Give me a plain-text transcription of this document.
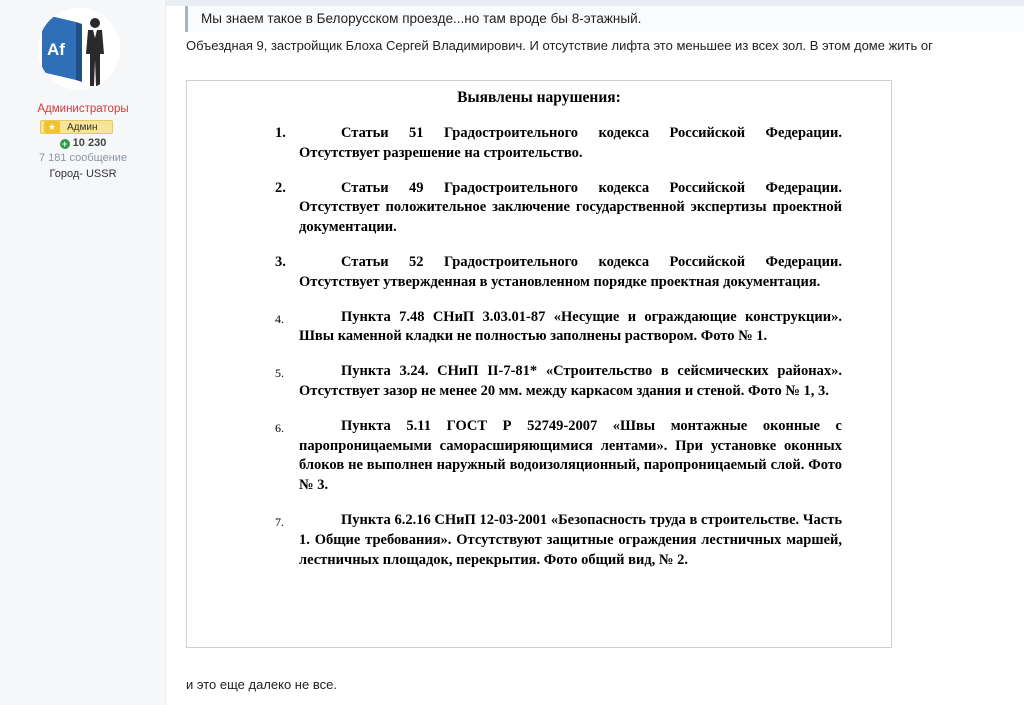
Af
Администраторы
★	Админ
+ 10 230
7 181 сообщение
Город- USSR
Мы знаем такое в Белорусском проезде...но там вроде бы 8-этажный.

Объездная 9, застройщик Блоха Сергей Владимирович. И отсутствие лифта это меньшее из всех зол. В этом доме жить ог

Выявлены нарушения:
1.	Статьи 51 Градостроительного кодекса Российской Федерации. Отсутствует разрешение на строительство.
2.	Статьи 49 Градостроительного кодекса Российской Федерации. Отсутствует положительное заключение государственной экспертизы проектной документации.
3.	Статьи 52 Градостроительного кодекса Российской Федерации. Отсутствует утвержденная в установленном порядке проектная документация.
4.	Пункта 7.48 СНиП 3.03.01-87 «Несущие и ограждающие конструкции». Швы каменной кладки не полностью заполнены раствором. Фото № 1.
5.	Пункта 3.24. СНиП II-7-81* «Строительство в сейсмических районах». Отсутствует зазор не менее 20 мм. между каркасом здания и стеной. Фото № 1, 3.
6.	Пункта 5.11 ГОСТ Р 52749-2007 «Швы монтажные оконные с паропроницаемыми саморасширяющимися лентами». При установке оконных блоков не выполнен наружный водоизоляционный, паропроницаемый слой. Фото № 3.
7.	Пункта 6.2.16 СНиП 12-03-2001 «Безопасность труда в строительстве. Часть 1. Общие требования». Отсутствуют защитные ограждения лестничных маршей, лестничных площадок, перекрытия. Фото общий вид, № 2.

и это еще далеко не все.
